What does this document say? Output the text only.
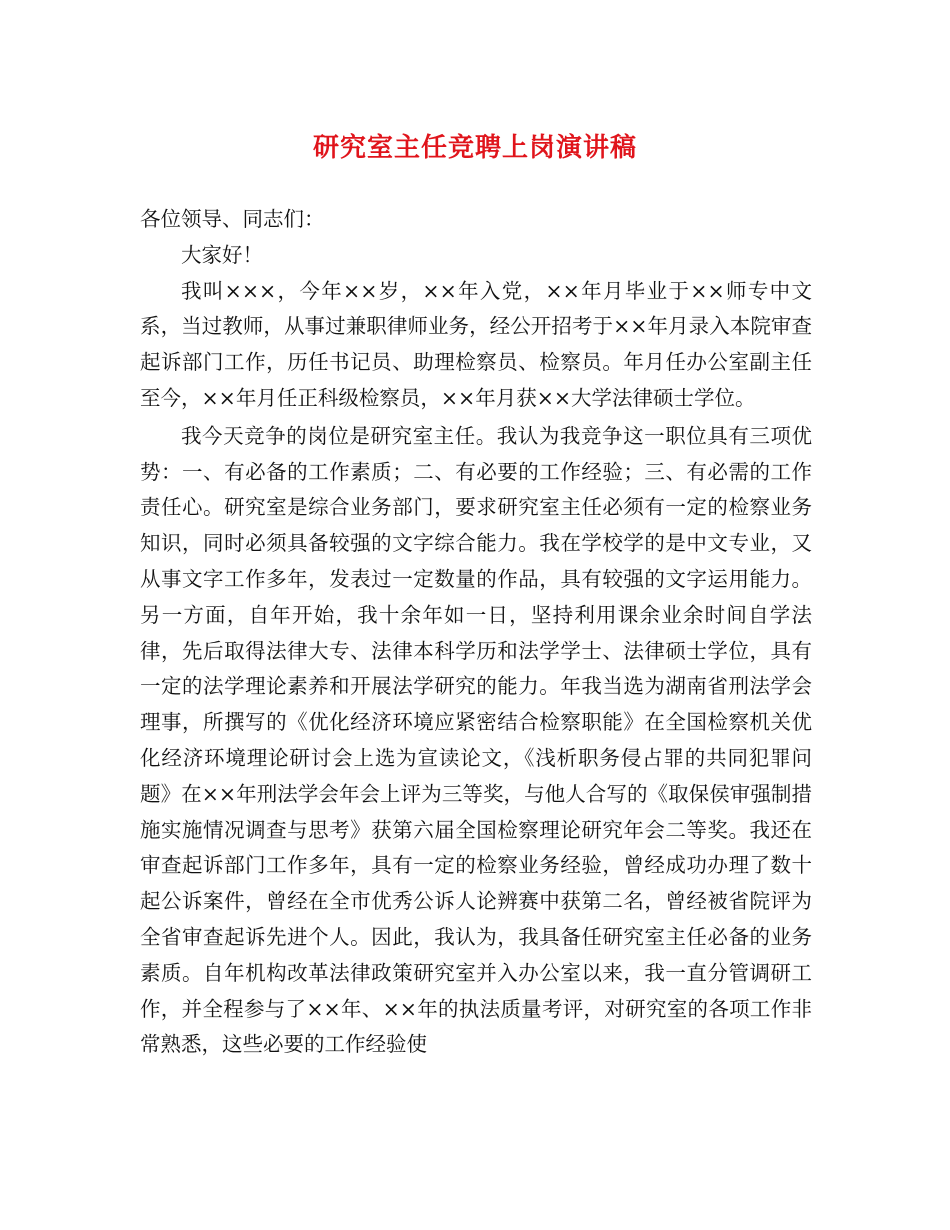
研究室主任竞聘上岗演讲稿

各位领导、同志们：

大家好！

我叫×××，今年××岁，××年入党，××年月毕业于××师专中文系，当过教师，从事过兼职律师业务，经公开招考于××年月录入本院审查起诉部门工作，历任书记员、助理检察员、检察员。年月任办公室副主任至今，××年月任正科级检察员，××年月获××大学法律硕士学位。

我今天竞争的岗位是研究室主任。我认为我竞争这一职位具有三项优势：一、有必备的工作素质；二、有必要的工作经验；三、有必需的工作责任心。研究室是综合业务部门，要求研究室主任必须有一定的检察业务知识，同时必须具备较强的文字综合能力。我在学校学的是中文专业，又从事文字工作多年，发表过一定数量的作品，具有较强的文字运用能力。另一方面，自年开始，我十余年如一日，坚持利用课余业余时间自学法律，先后取得法律大专、法律本科学历和法学学士、法律硕士学位，具有一定的法学理论素养和开展法学研究的能力。年我当选为湖南省刑法学会理事，所撰写的《优化经济环境应紧密结合检察职能》在全国检察机关优化经济环境理论研讨会上选为宣读论文，《浅析职务侵占罪的共同犯罪问题》在××年刑法学会年会上评为三等奖，与他人合写的《取保侯审强制措施实施情况调查与思考》获第六届全国检察理论研究年会二等奖。我还在审查起诉部门工作多年，具有一定的检察业务经验，曾经成功办理了数十起公诉案件，曾经在全市优秀公诉人论辨赛中获第二名，曾经被省院评为全省审查起诉先进个人。因此，我认为，我具备任研究室主任必备的业务素质。自年机构改革法律政策研究室并入办公室以来，我一直分管调研工作，并全程参与了××年、××年的执法质量考评，对研究室的各项工作非常熟悉，这些必要的工作经验使
